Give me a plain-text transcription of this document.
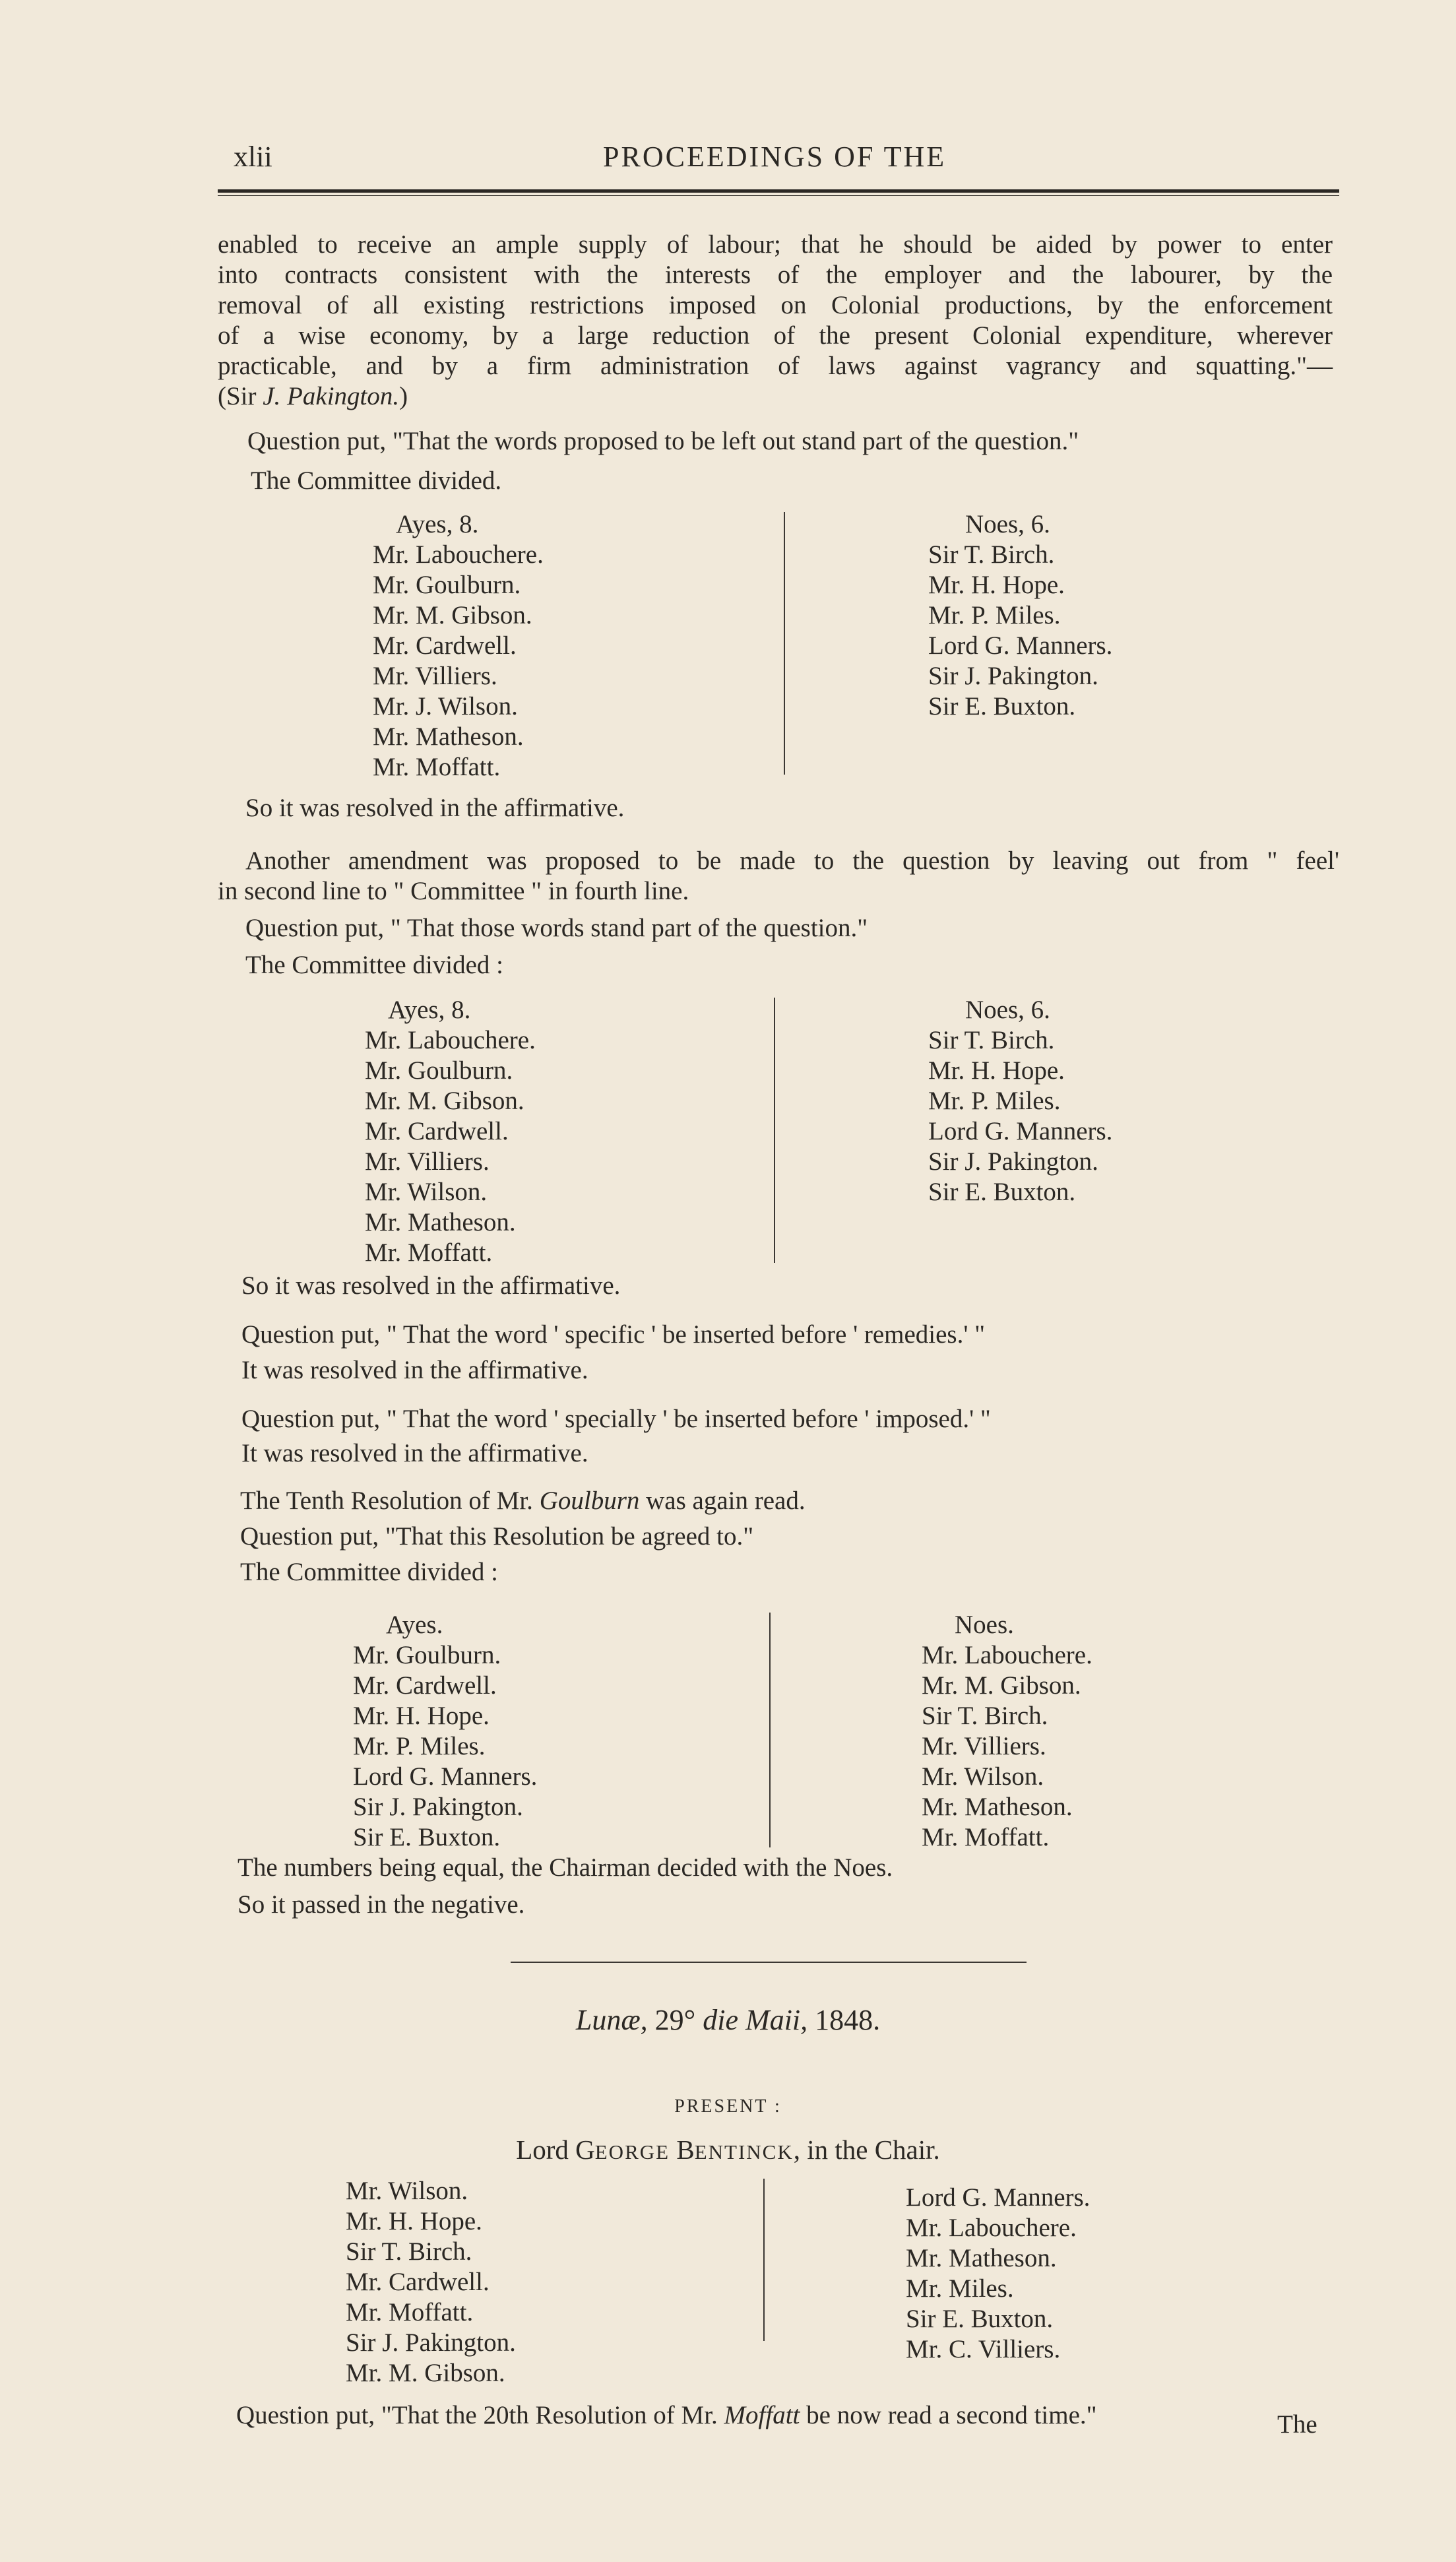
xlii	PROCEEDINGS OF THE
enabled to receive an ample supply of labour; that he should be aided by power to enter
into contracts consistent with the interests of the employer and the labourer, by the
removal of all existing restrictions imposed on Colonial productions, by the enforcement
of a wise economy, by a large reduction of the present Colonial expenditure, wherever
practicable, and by a firm administration of laws against vagrancy and squatting."—
(Sir J. Pakington.)
Question put, "That the words proposed to be left out stand part of the question."
The Committee divided.
Ayes, 8.
Mr. Labouchere.
Mr. Goulburn.
Mr. M. Gibson.
Mr. Cardwell.
Mr. Villiers.
Mr. J. Wilson.
Mr. Matheson.
Mr. Moffatt.
Noes, 6.
Sir T. Birch.
Mr. H. Hope.
Mr. P. Miles.
Lord G. Manners.
Sir J. Pakington.
Sir E. Buxton.
So it was resolved in the affirmative.
Another amendment was proposed to be made to the question by leaving out from " feel'
in second line to " Committee " in fourth line.
Question put, " That those words stand part of the question."
The Committee divided :
Ayes, 8.
Mr. Labouchere.
Mr. Goulburn.
Mr. M. Gibson.
Mr. Cardwell.
Mr. Villiers.
Mr. Wilson.
Mr. Matheson.
Mr. Moffatt.
Noes, 6.
Sir T. Birch.
Mr. H. Hope.
Mr. P. Miles.
Lord G. Manners.
Sir J. Pakington.
Sir E. Buxton.
So it was resolved in the affirmative.
Question put, " That the word ' specific ' be inserted before ' remedies.' "
It was resolved in the affirmative.
Question put, " That the word ' specially ' be inserted before ' imposed.' "
It was resolved in the affirmative.
The Tenth Resolution of Mr. Goulburn was again read.
Question put, "That this Resolution be agreed to."
The Committee divided :
Ayes.
Mr. Goulburn.
Mr. Cardwell.
Mr. H. Hope.
Mr. P. Miles.
Lord G. Manners.
Sir J. Pakington.
Sir E. Buxton.
Noes.
Mr. Labouchere.
Mr. M. Gibson.
Sir T. Birch.
Mr. Villiers.
Mr. Wilson.
Mr. Matheson.
Mr. Moffatt.
The numbers being equal, the Chairman decided with the Noes.
So it passed in the negative.
Lunæ, 29° die Maii, 1848.
PRESENT :
Lord GEORGE BENTINCK, in the Chair.
Mr. Wilson.
Mr. H. Hope.
Sir T. Birch.
Mr. Cardwell.
Mr. Moffatt.
Sir J. Pakington.
Mr. M. Gibson.
Lord G. Manners.
Mr. Labouchere.
Mr. Matheson.
Mr. Miles.
Sir E. Buxton.
Mr. C. Villiers.
Question put, "That the 20th Resolution of Mr. Moffatt be now read a second time."	The
